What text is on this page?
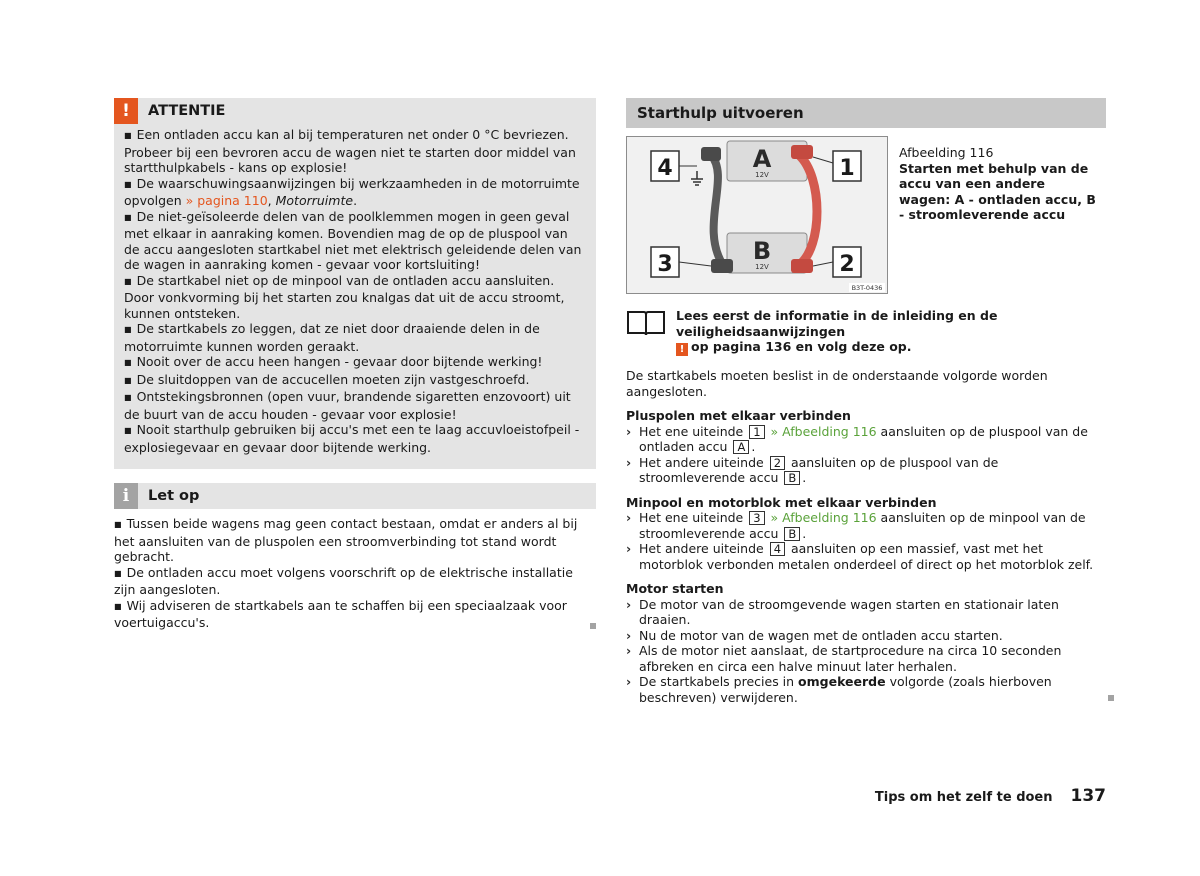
!	ATTENTIE

■ Een ontladen accu kan al bij temperaturen net onder 0 °C bevriezen. Probeer bij een bevroren accu de wagen niet te starten door middel van startthulpkabels - kans op explosie!

■ De waarschuwingsaanwijzingen bij werkzaamheden in de motorruimte opvolgen » pagina 110, Motorruimte.

■ De niet-geïsoleerde delen van de poolklemmen mogen in geen geval met elkaar in aanraking komen. Bovendien mag de op de pluspool van de accu aangesloten startkabel niet met elektrisch geleidende delen van de wagen in aanraking komen - gevaar voor kortsluiting!

■ De startkabel niet op de minpool van de ontladen accu aansluiten. Door vonkvorming bij het starten zou knalgas dat uit de accu stroomt, kunnen ontsteken.

■ De startkabels zo leggen, dat ze niet door draaiende delen in de motorruimte kunnen worden geraakt.

■ Nooit over de accu heen hangen - gevaar door bijtende werking!

■ De sluitdoppen van de accucellen moeten zijn vastgeschroefd.

■ Ontstekingsbronnen (open vuur, brandende sigaretten enzovoort) uit de buurt van de accu houden - gevaar voor explosie!

■ Nooit starthulp gebruiken bij accu's met een te laag accuvloeistofpeil - explosiegevaar en gevaar door bijtende werking.

i	Let op

■ Tussen beide wagens mag geen contact bestaan, omdat er anders al bij het aansluiten van de pluspolen een stroomverbinding tot stand wordt gebracht.

■ De ontladen accu moet volgens voorschrift op de elektrische installatie zijn aangesloten.

■ Wij adviseren de startkabels aan te schaffen bij een speciaalzaak voor voertuigaccu's.

Starthulp uitvoeren
A
B
12V
12V
4	1
3	2
B3T-0436
Afbeelding 116
Starten met behulp van de accu van een andere wagen: A - ontladen accu, B - stroomleverende accu
Lees eerst de informatie in de inleiding en de veiligheidsaanwijzingen
! op pagina 136 en volg deze op.
De startkabels moeten beslist in de onderstaande volgorde worden aangesloten.
Pluspolen met elkaar verbinden
› Het ene uiteinde 1 » Afbeelding 116 aansluiten op de pluspool van de ontladen accu A .
› Het andere uiteinde 2 aansluiten op de pluspool van de stroomleverende accu B .
Minpool en motorblok met elkaar verbinden
› Het ene uiteinde 3 » Afbeelding 116 aansluiten op de minpool van de stroomleverende accu B .
› Het andere uiteinde 4 aansluiten op een massief, vast met het motorblok verbonden metalen onderdeel of direct op het motorblok zelf.
Motor starten
› De motor van de stroomgevende wagen starten en stationair laten draaien.
› Nu de motor van de wagen met de ontladen accu starten.
› Als de motor niet aanslaat, de startprocedure na circa 10 seconden afbreken en circa een halve minuut later herhalen.
› De startkabels precies in omgekeerde volgorde (zoals hierboven beschreven) verwijderen.
Tips om het zelf te doen 137
